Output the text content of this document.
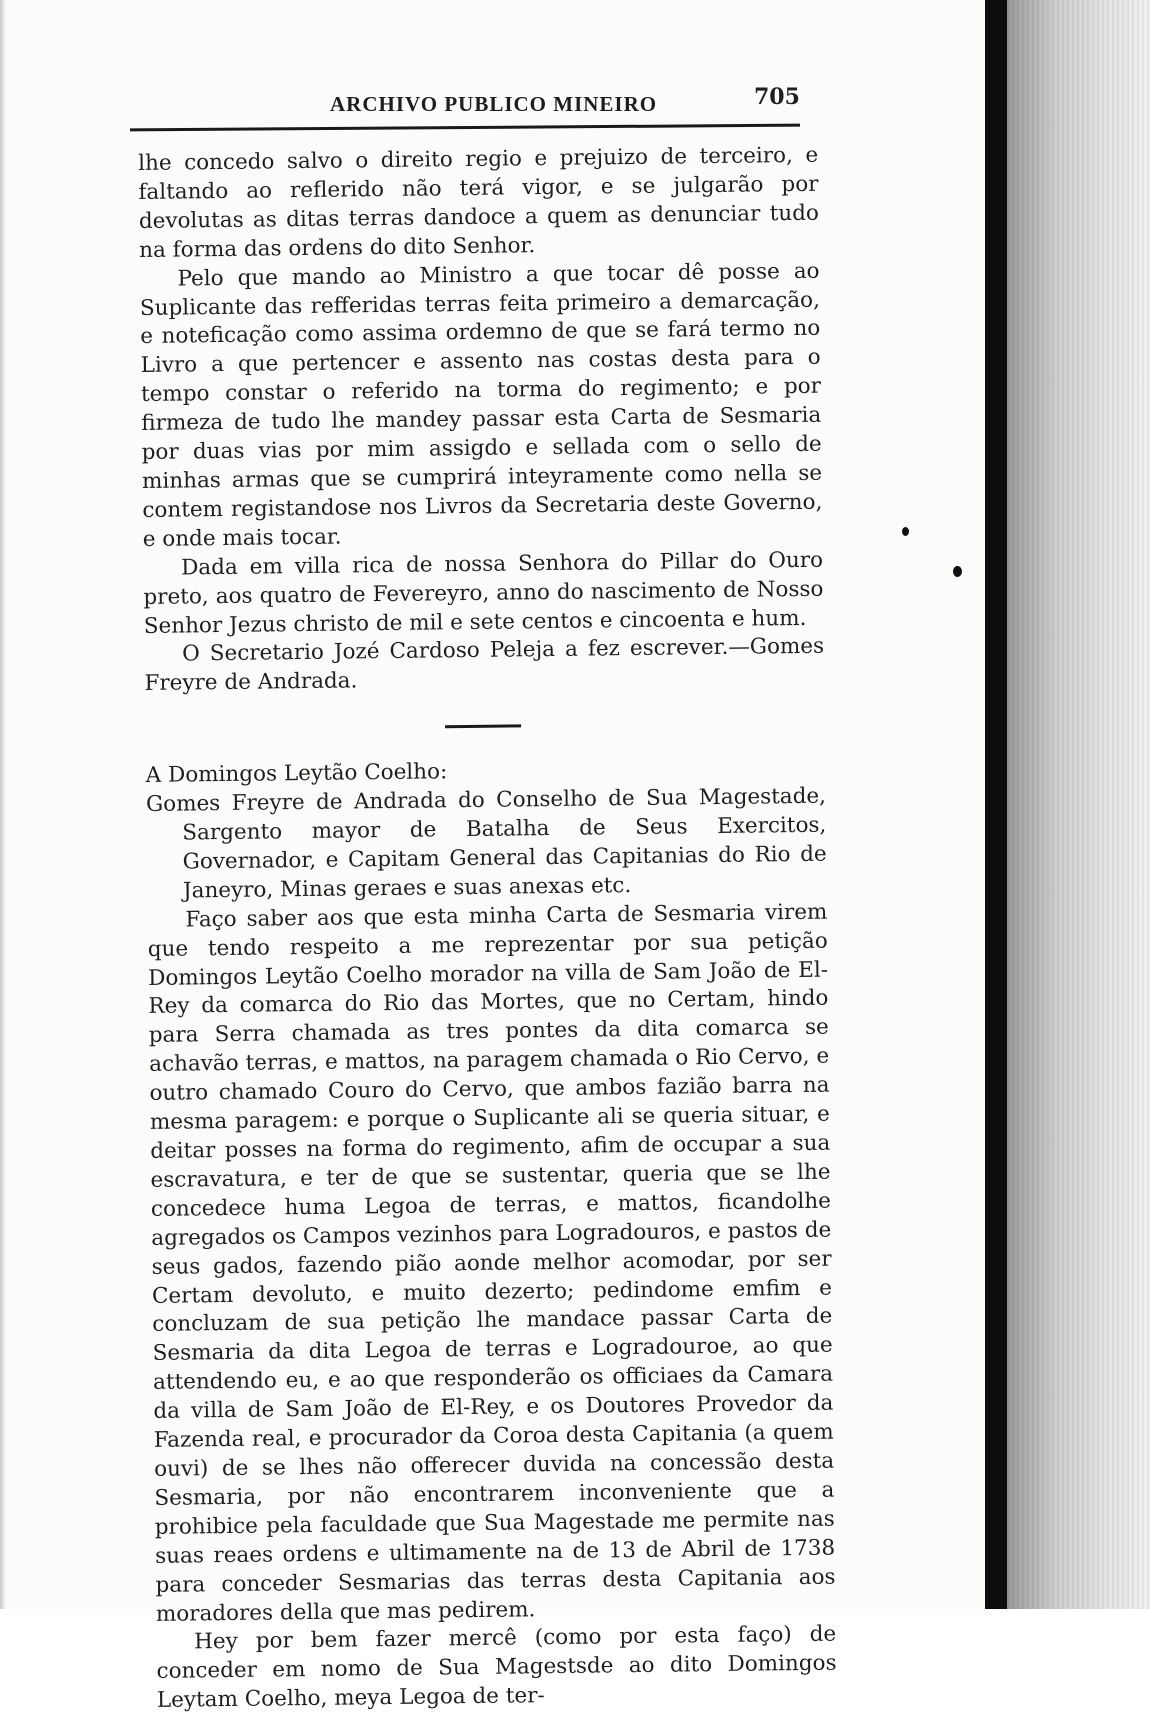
ARCHIVO PUBLICO MINEIRO	705

lhe concedo salvo o direito regio e prejuizo de terceiro, e faltando ao reflerido não terá vigor, e se julgarão por devolutas as ditas terras dandoce a quem as denunciar tudo na forma das ordens do dito Senhor.

Pelo que mando ao Ministro a que tocar dê posse ao Suplicante das refferidas terras feita primeiro a demarcação, e noteficação como assima ordemno de que se fará termo no Livro a que pertencer e assento nas costas desta para o tempo constar o referido na torma do regimento; e por firmeza de tudo lhe mandey passar esta Carta de Sesmaria por duas vias por mim assigdo e sellada com o sello de minhas armas que se cumprirá inteyramente como nella se contem registandose nos Livros da Secretaria deste Governo, e onde mais tocar.

Dada em villa rica de nossa Senhora do Pillar do Ouro preto, aos quatro de Fevereyro, anno do nascimento de Nosso Senhor Jezus christo de mil e sete centos e cincoenta e hum.

O Secretario Jozé Cardoso Peleja a fez escrever.—Gomes Freyre de Andrada.

A Domingos Leytão Coelho:

Gomes Freyre de Andrada do Conselho de Sua Magestade, Sargento mayor de Batalha de Seus Exercitos, Governador, e Capitam General das Capitanias do Rio de Janeyro, Minas geraes e suas anexas etc.

Faço saber aos que esta minha Carta de Sesmaria virem que tendo respeito a me reprezentar por sua petição Domingos Leytão Coelho morador na villa de Sam João de El-Rey da comarca do Rio das Mortes, que no Certam, hindo para Serra chamada as tres pontes da dita comarca se achavão terras, e mattos, na paragem chamada o Rio Cervo, e outro chamado Couro do Cervo, que ambos fazião barra na mesma paragem: e porque o Suplicante ali se queria situar, e deitar posses na forma do regimento, afim de occupar a sua escravatura, e ter de que se sustentar, queria que se lhe concedece huma Legoa de terras, e mattos, ficandolhe agregados os Campos vezinhos para Logradouros, e pastos de seus gados, fazendo pião aonde melhor acomodar, por ser Certam devoluto, e muito dezerto; pedindome emfim e concluzam de sua petição lhe mandace passar Carta de Sesmaria da dita Legoa de terras e Logradouroe, ao que attendendo eu, e ao que responderão os officiaes da Camara da villa de Sam João de El-Rey, e os Doutores Provedor da Fazenda real, e procurador da Coroa desta Capitania (a quem ouvi) de se lhes não offerecer duvida na concessão desta Sesmaria, por não encontrarem inconveniente que a prohibice pela faculdade que Sua Magestade me permite nas suas reaes ordens e ultimamente na de 13 de Abril de 1738 para conceder Sesmarias das terras desta Capitania aos moradores della que mas pedirem.

Hey por bem fazer mercê (como por esta faço) de conceder em nomo de Sua Magestsde ao dito Domingos Leytam Coelho, meya Legoa de ter-
